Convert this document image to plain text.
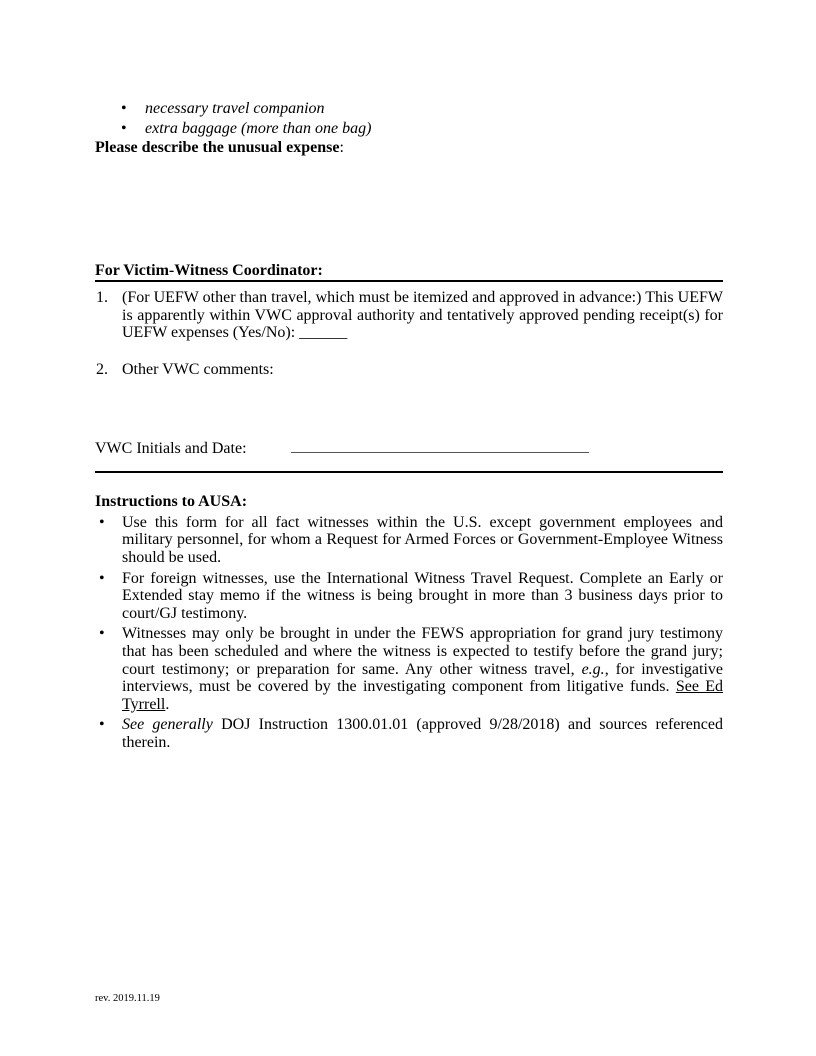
• necessary travel companion
• extra baggage (more than one bag)

Please describe the unusual expense:

For Victim-Witness Coordinator:
1. (For UEFW other than travel, which must be itemized and approved in advance:) This UEFW is apparently within VWC approval authority and tentatively approved pending receipt(s) for UEFW expenses (Yes/No): ______
2. Other VWC comments:
VWC Initials and Date:
Instructions to AUSA:
• Use this form for all fact witnesses within the U.S. except government employees and military personnel, for whom a Request for Armed Forces or Government-Employee Witness should be used.
• For foreign witnesses, use the International Witness Travel Request. Complete an Early or Extended stay memo if the witness is being brought in more than 3 business days prior to court/GJ testimony.
• Witnesses may only be brought in under the FEWS appropriation for grand jury testimony that has been scheduled and where the witness is expected to testify before the grand jury; court testimony; or preparation for same. Any other witness travel, e.g., for investigative interviews, must be covered by the investigating component from litigative funds. See Ed Tyrrell.
• See generally DOJ Instruction 1300.01.01 (approved 9/28/2018) and sources referenced therein.
rev. 2019.11.19
